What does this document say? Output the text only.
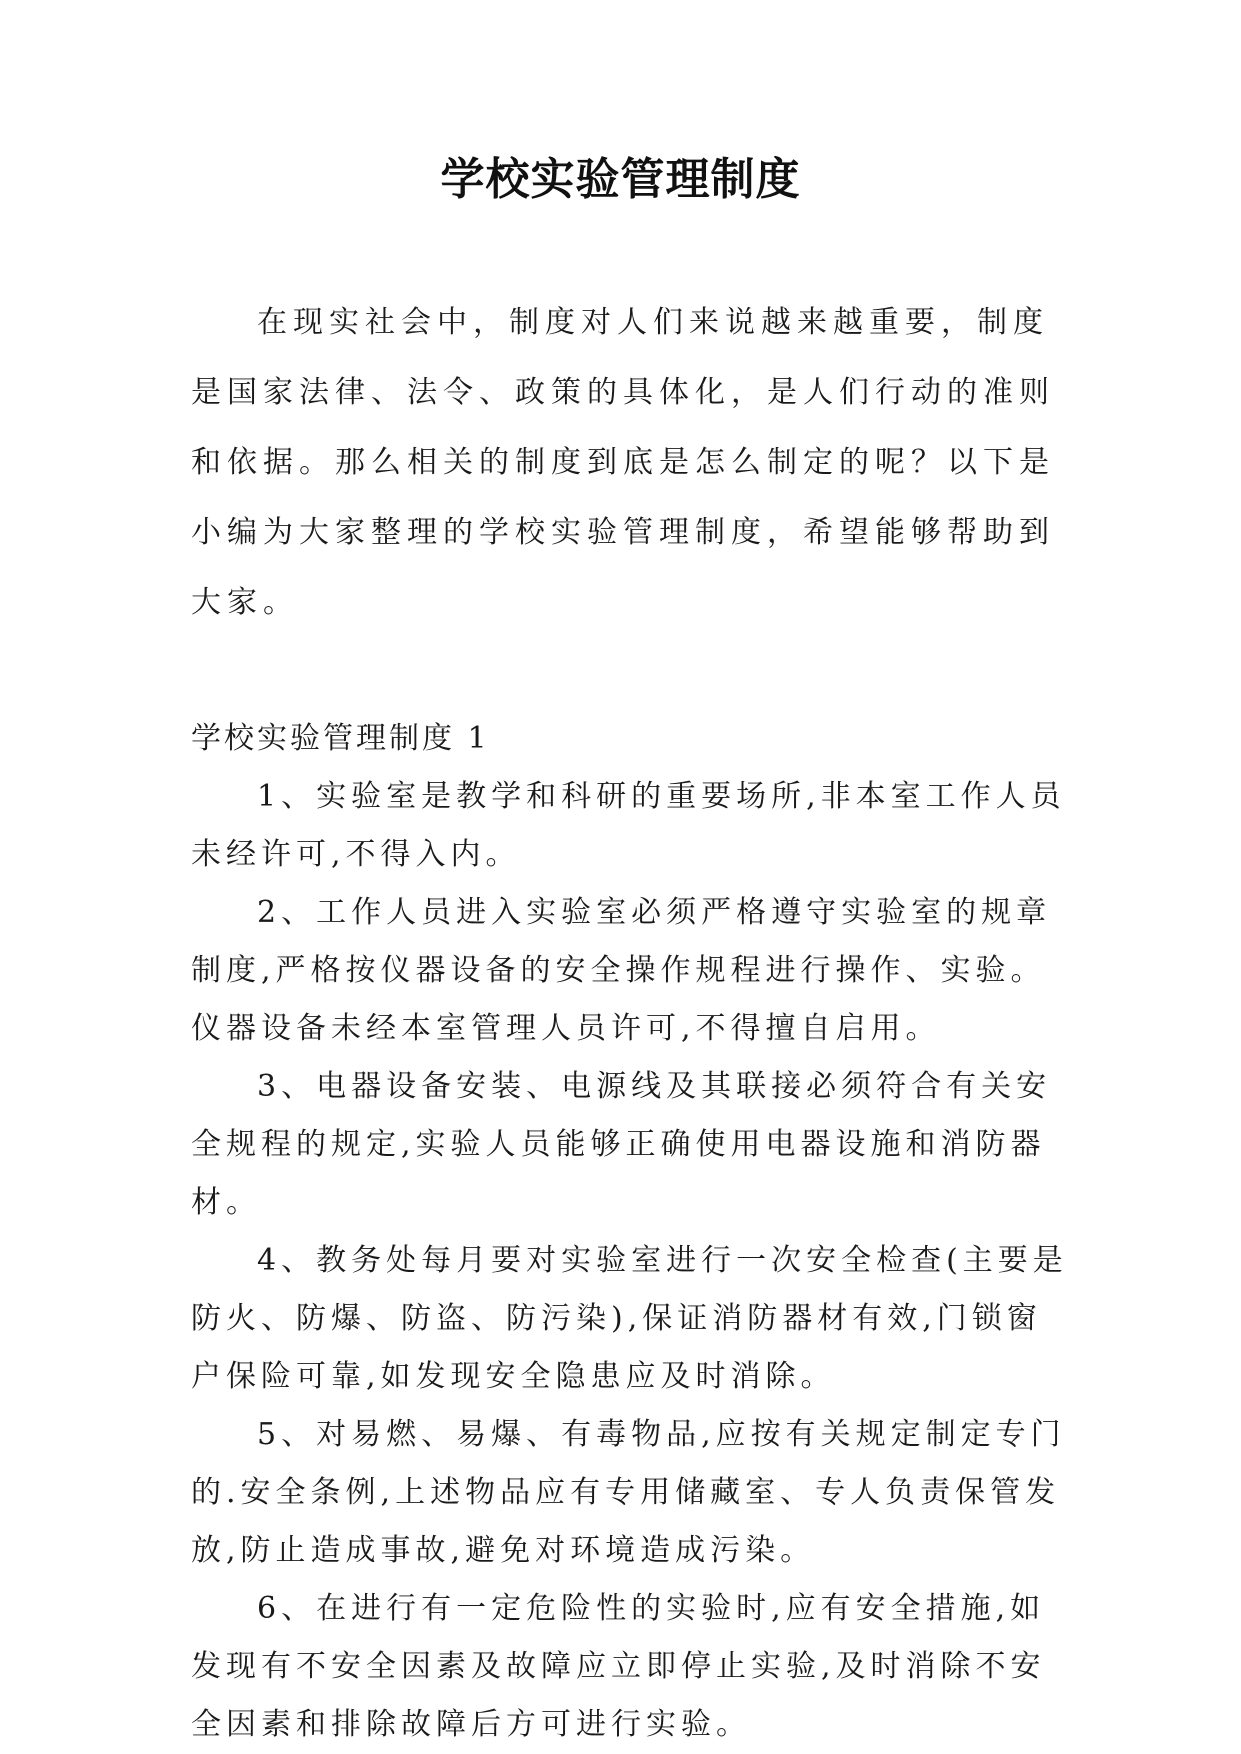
学校实验管理制度

在现实社会中，制度对人们来说越来越重要，制度是国家法律、法令、政策的具体化，是人们行动的准则和依据。那么相关的制度到底是怎么制定的呢？以下是小编为大家整理的学校实验管理制度，希望能够帮助到大家。

学校实验管理制度 1

1、实验室是教学和科研的重要场所,非本室工作人员未经许可,不得入内。

2、工作人员进入实验室必须严格遵守实验室的规章制度,严格按仪器设备的安全操作规程进行操作、实验。仪器设备未经本室管理人员许可,不得擅自启用。

3、电器设备安装、电源线及其联接必须符合有关安全规程的规定,实验人员能够正确使用电器设施和消防器材。

4、教务处每月要对实验室进行一次安全检查(主要是防火、防爆、防盗、防污染),保证消防器材有效,门锁窗户保险可靠,如发现安全隐患应及时消除。

5、对易燃、易爆、有毒物品,应按有关规定制定专门的.安全条例,上述物品应有专用储藏室、专人负责保管发放,防止造成事故,避免对环境造成污染。

6、在进行有一定危险性的实验时,应有安全措施,如发现有不安全因素及故障应立即停止实验,及时消除不安全因素和排除故障后方可进行实验。
